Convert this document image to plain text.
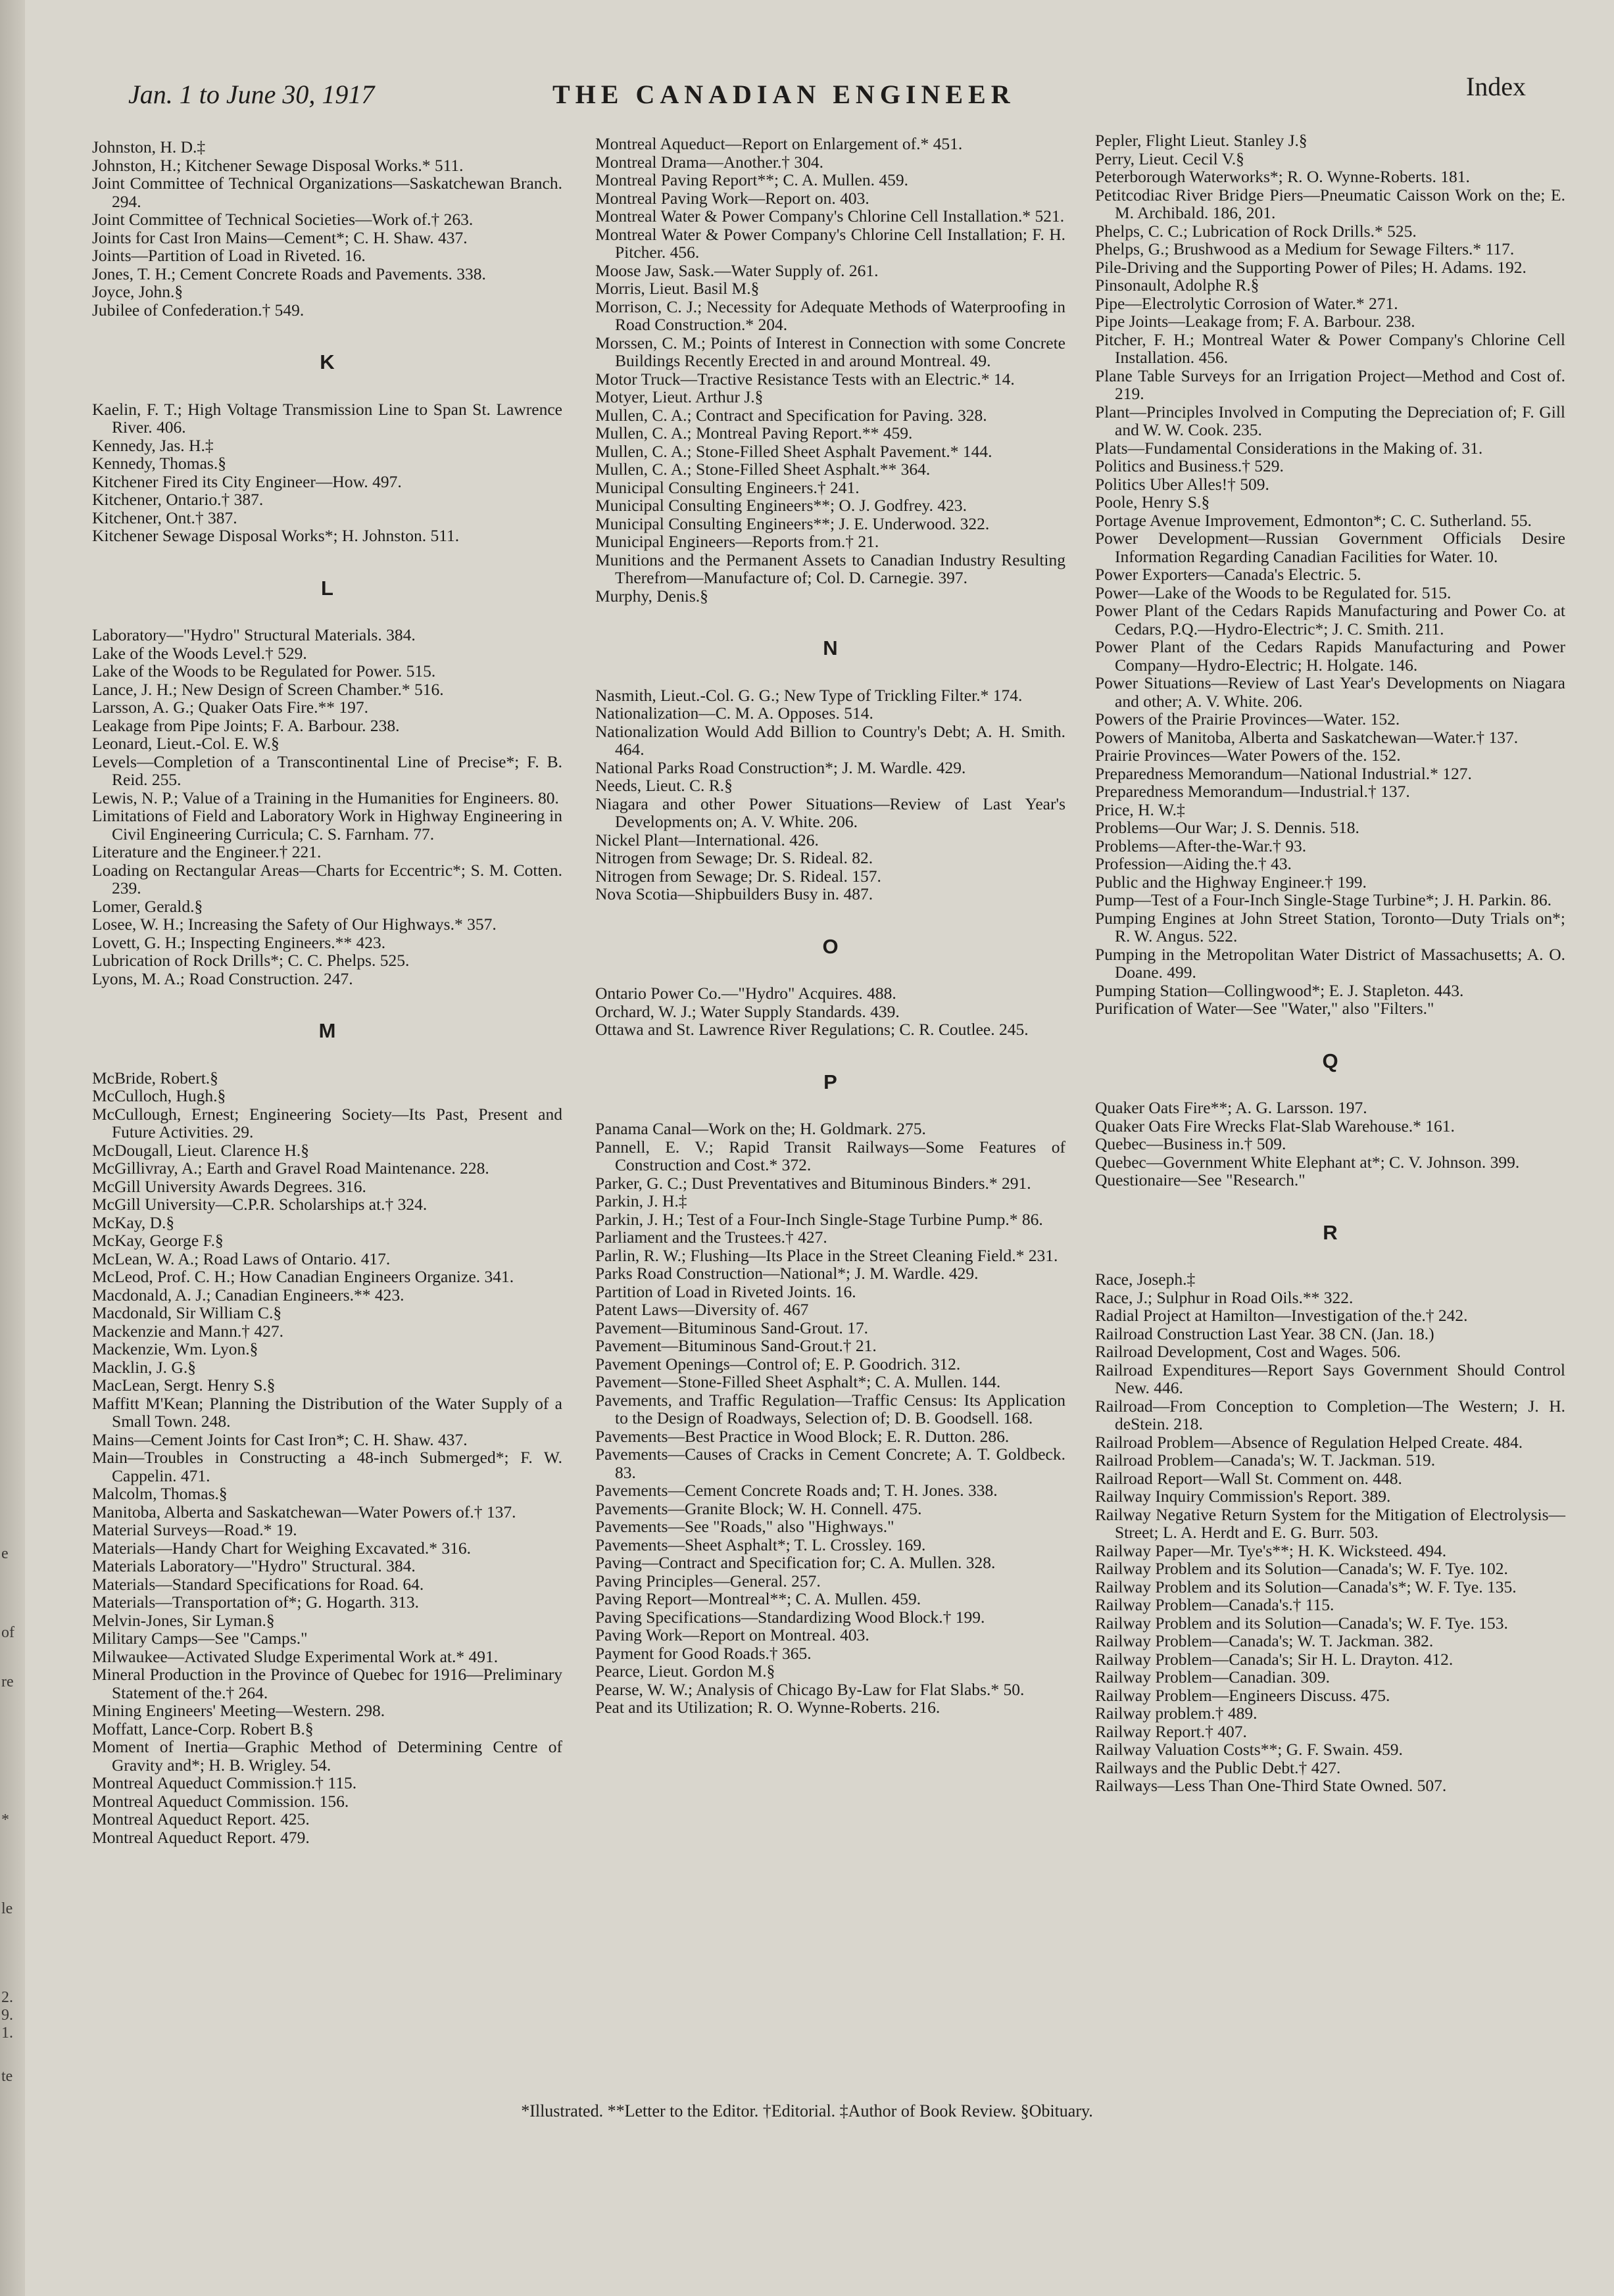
e
of
re
*
le
2.
9.
1.
te
Jan. 1 to June 30, 1917	THE CANADIAN ENGINEER	Index

Johnston, H. D.‡

Johnston, H.; Kitchener Sewage Disposal Works.* 511.

Joint Committee of Technical Organizations—Saskatchewan Branch. 294.

Joint Committee of Technical Societies—Work of.† 263.

Joints for Cast Iron Mains—Cement*; C. H. Shaw. 437.

Joints—Partition of Load in Riveted. 16.

Jones, T. H.; Cement Concrete Roads and Pavements. 338.

Joyce, John.§

Jubilee of Confederation.† 549.

K

Kaelin, F. T.; High Voltage Transmission Line to Span St. Lawrence River. 406.

Kennedy, Jas. H.‡

Kennedy, Thomas.§

Kitchener Fired its City Engineer—How. 497.

Kitchener, Ontario.† 387.

Kitchener, Ont.† 387.

Kitchener Sewage Disposal Works*; H. Johnston. 511.

L

Laboratory—"Hydro" Structural Materials. 384.

Lake of the Woods Level.† 529.

Lake of the Woods to be Regulated for Power. 515.

Lance, J. H.; New Design of Screen Chamber.* 516.

Larsson, A. G.; Quaker Oats Fire.** 197.

Leakage from Pipe Joints; F. A. Barbour. 238.

Leonard, Lieut.-Col. E. W.§

Levels—Completion of a Transcontinental Line of Precise*; F. B. Reid. 255.

Lewis, N. P.; Value of a Training in the Humanities for Engineers. 80.

Limitations of Field and Laboratory Work in Highway Engineering in Civil Engineering Curricula; C. S. Farnham. 77.

Literature and the Engineer.† 221.

Loading on Rectangular Areas—Charts for Eccentric*; S. M. Cotten. 239.

Lomer, Gerald.§

Losee, W. H.; Increasing the Safety of Our Highways.* 357.

Lovett, G. H.; Inspecting Engineers.** 423.

Lubrication of Rock Drills*; C. C. Phelps. 525.

Lyons, M. A.; Road Construction. 247.

M

McBride, Robert.§

McCulloch, Hugh.§

McCullough, Ernest; Engineering Society—Its Past, Present and Future Activities. 29.

McDougall, Lieut. Clarence H.§

McGillivray, A.; Earth and Gravel Road Maintenance. 228.

McGill University Awards Degrees. 316.

McGill University—C.P.R. Scholarships at.† 324.

McKay, D.§

McKay, George F.§

McLean, W. A.; Road Laws of Ontario. 417.

McLeod, Prof. C. H.; How Canadian Engineers Organize. 341.

Macdonald, A. J.; Canadian Engineers.** 423.

Macdonald, Sir William C.§

Mackenzie and Mann.† 427.

Mackenzie, Wm. Lyon.§

Macklin, J. G.§

MacLean, Sergt. Henry S.§

Maffitt M'Kean; Planning the Distribution of the Water Supply of a Small Town. 248.

Mains—Cement Joints for Cast Iron*; C. H. Shaw. 437.

Main—Troubles in Constructing a 48-inch Submerged*; F. W. Cappelin. 471.

Malcolm, Thomas.§

Manitoba, Alberta and Saskatchewan—Water Powers of.† 137.

Material Surveys—Road.* 19.

Materials—Handy Chart for Weighing Excavated.* 316.

Materials Laboratory—"Hydro" Structural. 384.

Materials—Standard Specifications for Road. 64.

Materials—Transportation of*; G. Hogarth. 313.

Melvin-Jones, Sir Lyman.§

Military Camps—See "Camps."

Milwaukee—Activated Sludge Experimental Work at.* 491.

Mineral Production in the Province of Quebec for 1916—Preliminary Statement of the.† 264.

Mining Engineers' Meeting—Western. 298.

Moffatt, Lance-Corp. Robert B.§

Moment of Inertia—Graphic Method of Determining Centre of Gravity and*; H. B. Wrigley. 54.

Montreal Aqueduct Commission.† 115.

Montreal Aqueduct Commission. 156.

Montreal Aqueduct Report. 425.

Montreal Aqueduct Report. 479.

Montreal Aqueduct—Report on Enlargement of.* 451.

Montreal Drama—Another.† 304.

Montreal Paving Report**; C. A. Mullen. 459.

Montreal Paving Work—Report on. 403.

Montreal Water & Power Company's Chlorine Cell Installation.* 521.

Montreal Water & Power Company's Chlorine Cell Installation; F. H. Pitcher. 456.

Moose Jaw, Sask.—Water Supply of. 261.

Morris, Lieut. Basil M.§

Morrison, C. J.; Necessity for Adequate Methods of Waterproofing in Road Construction.* 204.

Morssen, C. M.; Points of Interest in Connection with some Concrete Buildings Recently Erected in and around Montreal. 49.

Motor Truck—Tractive Resistance Tests with an Electric.* 14.

Motyer, Lieut. Arthur J.§

Mullen, C. A.; Contract and Specification for Paving. 328.

Mullen, C. A.; Montreal Paving Report.** 459.

Mullen, C. A.; Stone-Filled Sheet Asphalt Pavement.* 144.

Mullen, C. A.; Stone-Filled Sheet Asphalt.** 364.

Municipal Consulting Engineers.† 241.

Municipal Consulting Engineers**; O. J. Godfrey. 423.

Municipal Consulting Engineers**; J. E. Underwood. 322.

Municipal Engineers—Reports from.† 21.

Munitions and the Permanent Assets to Canadian Industry Resulting Therefrom—Manufacture of; Col. D. Carnegie. 397.

Murphy, Denis.§

N

Nasmith, Lieut.-Col. G. G.; New Type of Trickling Filter.* 174.

Nationalization—C. M. A. Opposes. 514.

Nationalization Would Add Billion to Country's Debt; A. H. Smith. 464.

National Parks Road Construction*; J. M. Wardle. 429.

Needs, Lieut. C. R.§

Niagara and other Power Situations—Review of Last Year's Developments on; A. V. White. 206.

Nickel Plant—International. 426.

Nitrogen from Sewage; Dr. S. Rideal. 82.

Nitrogen from Sewage; Dr. S. Rideal. 157.

Nova Scotia—Shipbuilders Busy in. 487.

O

Ontario Power Co.—"Hydro" Acquires. 488.

Orchard, W. J.; Water Supply Standards. 439.

Ottawa and St. Lawrence River Regulations; C. R. Coutlee. 245.

P

Panama Canal—Work on the; H. Goldmark. 275.

Pannell, E. V.; Rapid Transit Railways—Some Features of Construction and Cost.* 372.

Parker, G. C.; Dust Preventatives and Bituminous Binders.* 291.

Parkin, J. H.‡

Parkin, J. H.; Test of a Four-Inch Single-Stage Turbine Pump.* 86.

Parliament and the Trustees.† 427.

Parlin, R. W.; Flushing—Its Place in the Street Cleaning Field.* 231.

Parks Road Construction—National*; J. M. Wardle. 429.

Partition of Load in Riveted Joints. 16.

Patent Laws—Diversity of. 467

Pavement—Bituminous Sand-Grout. 17.

Pavement—Bituminous Sand-Grout.† 21.

Pavement Openings—Control of; E. P. Goodrich. 312.

Pavement—Stone-Filled Sheet Asphalt*; C. A. Mullen. 144.

Pavements, and Traffic Regulation—Traffic Census: Its Application to the Design of Roadways, Selection of; D. B. Goodsell. 168.

Pavements—Best Practice in Wood Block; E. R. Dutton. 286.

Pavements—Causes of Cracks in Cement Concrete; A. T. Goldbeck. 83.

Pavements—Cement Concrete Roads and; T. H. Jones. 338.

Pavements—Granite Block; W. H. Connell. 475.

Pavements—See "Roads," also "Highways."

Pavements—Sheet Asphalt*; T. L. Crossley. 169.

Paving—Contract and Specification for; C. A. Mullen. 328.

Paving Principles—General. 257.

Paving Report—Montreal**; C. A. Mullen. 459.

Paving Specifications—Standardizing Wood Block.† 199.

Paving Work—Report on Montreal. 403.

Payment for Good Roads.† 365.

Pearce, Lieut. Gordon M.§

Pearse, W. W.; Analysis of Chicago By-Law for Flat Slabs.* 50.

Peat and its Utilization; R. O. Wynne-Roberts. 216.

Pepler, Flight Lieut. Stanley J.§

Perry, Lieut. Cecil V.§

Peterborough Waterworks*; R. O. Wynne-Roberts. 181.

Petitcodiac River Bridge Piers—Pneumatic Caisson Work on the; E. M. Archibald. 186, 201.

Phelps, C. C.; Lubrication of Rock Drills.* 525.

Phelps, G.; Brushwood as a Medium for Sewage Filters.* 117.

Pile-Driving and the Supporting Power of Piles; H. Adams. 192.

Pinsonault, Adolphe R.§

Pipe—Electrolytic Corrosion of Water.* 271.

Pipe Joints—Leakage from; F. A. Barbour. 238.

Pitcher, F. H.; Montreal Water & Power Company's Chlorine Cell Installation. 456.

Plane Table Surveys for an Irrigation Project—Method and Cost of. 219.

Plant—Principles Involved in Computing the Depreciation of; F. Gill and W. W. Cook. 235.

Plats—Fundamental Considerations in the Making of. 31.

Politics and Business.† 529.

Politics Uber Alles!† 509.

Poole, Henry S.§

Portage Avenue Improvement, Edmonton*; C. C. Sutherland. 55.

Power Development—Russian Government Officials Desire Information Regarding Canadian Facilities for Water. 10.

Power Exporters—Canada's Electric. 5.

Power—Lake of the Woods to be Regulated for. 515.

Power Plant of the Cedars Rapids Manufacturing and Power Co. at Cedars, P.Q.—Hydro-Electric*; J. C. Smith. 211.

Power Plant of the Cedars Rapids Manufacturing and Power Company—Hydro-Electric; H. Holgate. 146.

Power Situations—Review of Last Year's Developments on Niagara and other; A. V. White. 206.

Powers of the Prairie Provinces—Water. 152.

Powers of Manitoba, Alberta and Saskatchewan—Water.† 137.

Prairie Provinces—Water Powers of the. 152.

Preparedness Memorandum—National Industrial.* 127.

Preparedness Memorandum—Industrial.† 137.

Price, H. W.‡

Problems—Our War; J. S. Dennis. 518.

Problems—After-the-War.† 93.

Profession—Aiding the.† 43.

Public and the Highway Engineer.† 199.

Pump—Test of a Four-Inch Single-Stage Turbine*; J. H. Parkin. 86.

Pumping Engines at John Street Station, Toronto—Duty Trials on*; R. W. Angus. 522.

Pumping in the Metropolitan Water District of Massachusetts; A. O. Doane. 499.

Pumping Station—Collingwood*; E. J. Stapleton. 443.

Purification of Water—See "Water," also "Filters."

Q

Quaker Oats Fire**; A. G. Larsson. 197.

Quaker Oats Fire Wrecks Flat-Slab Warehouse.* 161.

Quebec—Business in.† 509.

Quebec—Government White Elephant at*; C. V. Johnson. 399.

Questionaire—See "Research."

R

Race, Joseph.‡

Race, J.; Sulphur in Road Oils.** 322.

Radial Project at Hamilton—Investigation of the.† 242.

Railroad Construction Last Year. 38 CN. (Jan. 18.)

Railroad Development, Cost and Wages. 506.

Railroad Expenditures—Report Says Government Should Control New. 446.

Railroad—From Conception to Completion—The Western; J. H. deStein. 218.

Railroad Problem—Absence of Regulation Helped Create. 484.

Railroad Problem—Canada's; W. T. Jackman. 519.

Railroad Report—Wall St. Comment on. 448.

Railway Inquiry Commission's Report. 389.

Railway Negative Return System for the Mitigation of Electrolysis—Street; L. A. Herdt and E. G. Burr. 503.

Railway Paper—Mr. Tye's**; H. K. Wicksteed. 494.

Railway Problem and its Solution—Canada's; W. F. Tye. 102.

Railway Problem and its Solution—Canada's*; W. F. Tye. 135.

Railway Problem—Canada's.† 115.

Railway Problem and its Solution—Canada's; W. F. Tye. 153.

Railway Problem—Canada's; W. T. Jackman. 382.

Railway Problem—Canada's; Sir H. L. Drayton. 412.

Railway Problem—Canadian. 309.

Railway Problem—Engineers Discuss. 475.

Railway problem.† 489.

Railway Report.† 407.

Railway Valuation Costs**; G. F. Swain. 459.

Railways and the Public Debt.† 427.

Railways—Less Than One-Third State Owned. 507.

*Illustrated. **Letter to the Editor. †Editorial. ‡Author of Book Review. §Obituary.
